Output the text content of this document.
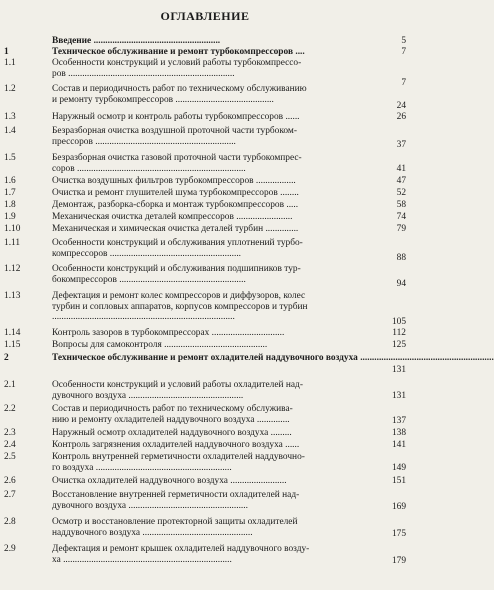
ОГЛАВЛЕНИЕ
Введение ......................................................	5
1	Техническое обслуживание и ремонт турбокомпрессоров ....	7
1.1	Особенности конструкций и условий работы турбокомпрессо-
ров .......................................................................
7
1.2	Состав и периодичность работ по техническому обслуживанию
и ремонту турбокомпрессоров ..........................................
24
1.3	Наружный осмотр и контроль работы турбокомпрессоров ......	26
1.4	Безразборная очистка воздушной проточной части турбоком-
прессоров ............................................................	37
1.5	Безразборная очистка газовой проточной части турбокомпрес-
соров ........................................................................	41
1.6	Очистка воздушных фильтров турбокомпрессоров .................	47
1.7	Очистка и ремонт глушителей шума турбокомпрессоров ........	52
1.8	Демонтаж, разборка-сборка и монтаж турбокомпрессоров .....	58
1.9	Механическая очистка деталей компрессоров ........................	74
1.10	Механическая и химическая очистка деталей турбин ..............	79
1.11	Особенности конструкций и обслуживания уплотнений турбо-
компрессоров ........................................................	88
1.12	Особенности конструкций и обслуживания подшипников тур-
бокомпрессоров ......................................................	94
1.13	Дефектация и ремонт колес компрессоров и диффузоров, колес
турбин и сопловых аппаратов, корпусов компрессоров и турбин
..............................................................................	105
1.14	Контроль зазоров в турбокомпрессорах ...............................	112
1.15	Вопросы для самоконтроля ............................................	125
2	Техническое обслуживание и ремонт охладителей наддувочного воздуха .........................................................
131
2.1	Особенности конструкций и условий работы охладителей над-
дувочного воздуха .................................................	131
2.2	Состав и периодичность работ по техническому обслужива-
нию и ремонту охладителей наддувочного воздуха ..............	137
2.3	Наружный осмотр охладителей наддувочного воздуха .........	138
2.4	Контроль загрязнения охладителей наддувочного воздуха ......	141
2.5	Контроль внутренней герметичности охладителей наддувочно-
го воздуха ..........................................................	149
2.6	Очистка охладителей наддувочного воздуха ........................	151
2.7	Восстановление внутренней герметичности охладителей над-
дувочного воздуха ...................................................	169
2.8	Осмотр и восстановление протекторной защиты охладителей
наддувочного воздуха ...............................................	175
2.9	Дефектация и ремонт крышек охладителей наддувочного возду-
ха ........................................................................	179
